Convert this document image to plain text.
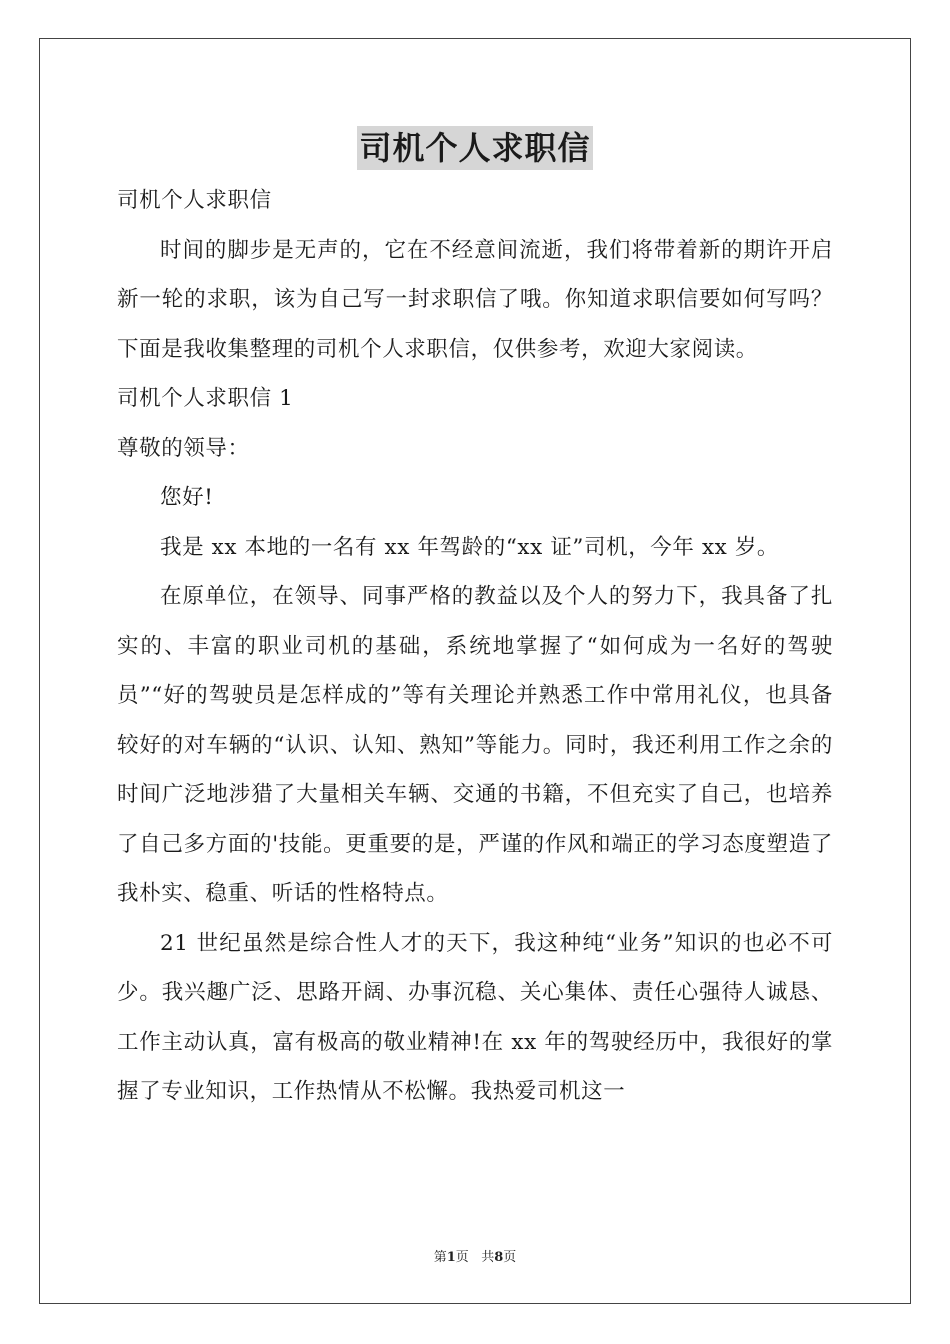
司机个人求职信

司机个人求职信

时间的脚步是无声的，它在不经意间流逝，我们将带着新的期许开启新一轮的求职，该为自己写一封求职信了哦。你知道求职信要如何写吗？下面是我收集整理的司机个人求职信，仅供参考，欢迎大家阅读。

司机个人求职信 1

尊敬的领导：

您好!

我是 xx 本地的一名有 xx 年驾龄的“xx 证”司机，今年 xx 岁。

在原单位，在领导、同事严格的教益以及个人的努力下，我具备了扎实的、丰富的职业司机的基础，系统地掌握了“如何成为一名好的驾驶员”“好的驾驶员是怎样成的”等有关理论并熟悉工作中常用礼仪，也具备较好的对车辆的“认识、认知、熟知”等能力。同时，我还利用工作之余的时间广泛地涉猎了大量相关车辆、交通的书籍，不但充实了自己，也培养了自己多方面的'技能。更重要的是，严谨的作风和端正的学习态度塑造了我朴实、稳重、听话的性格特点。

21 世纪虽然是综合性人才的天下，我这种纯“业务”知识的也必不可少。我兴趣广泛、思路开阔、办事沉稳、关心集体、责任心强待人诚恳、工作主动认真，富有极高的敬业精神!在 xx 年的驾驶经历中，我很好的掌握了专业知识，工作热情从不松懈。我热爱司机这一

第1页 共8页
